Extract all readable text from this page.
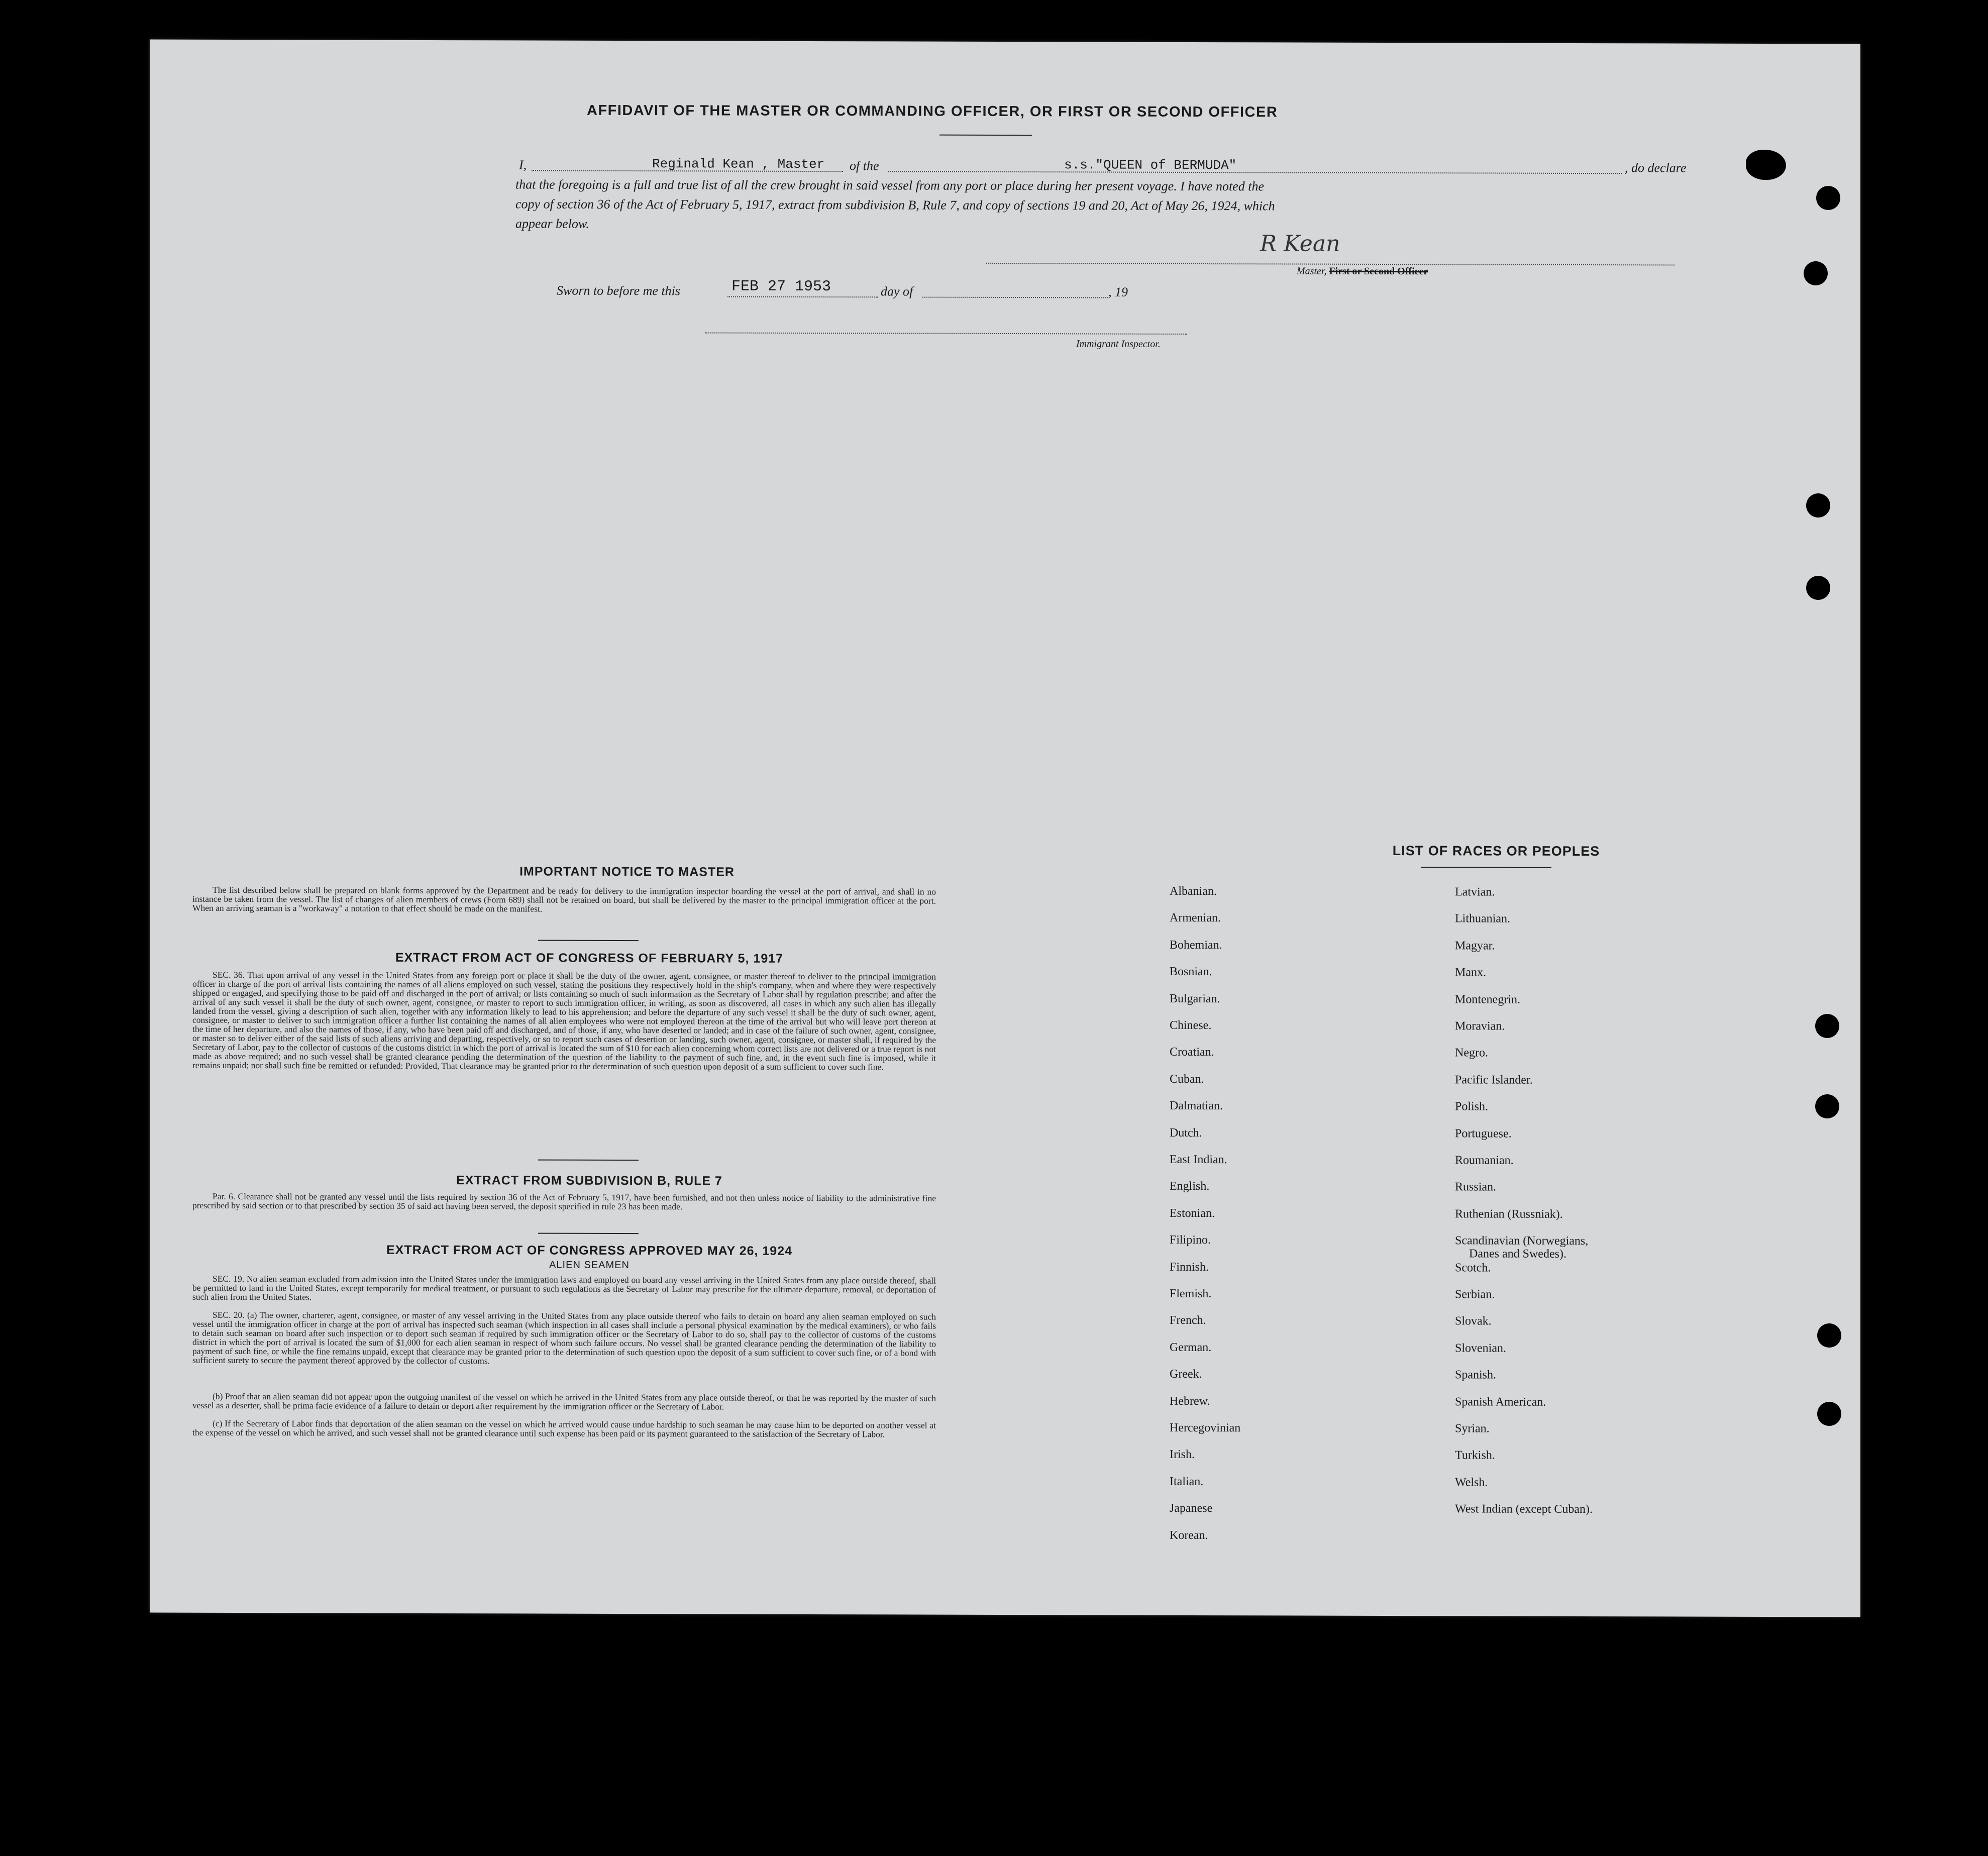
AFFIDAVIT OF THE MASTER OR COMMANDING OFFICER, OR FIRST OR SECOND OFFICER
I,	Reginald Kean , Master of the	s.s."QUEEN of BERMUDA"	, do declare
that the foregoing is a full and true list of all the crew brought in said vessel from any port or place during her present voyage. I have noted the
copy of section 36 of the Act of February 5, 1917, extract from subdivision B, Rule 7, and copy of sections 19 and 20, Act of May 26, 1924, which
appear below.
R Kean
Master, First or Second Officer
Sworn to before me this	FEB 27 1953	day of	, 19
Immigrant Inspector.
IMPORTANT NOTICE TO MASTER
The list described below shall be prepared on blank forms approved by the Department and be ready for delivery to the immigration inspector boarding the vessel at the port of arrival, and shall in no instance be taken from the vessel. The list of changes of alien members of crews (Form 689) shall not be retained on board, but shall be delivered by the master to the principal immigration officer at the port. When an arriving seaman is a "workaway" a notation to that effect should be made on the manifest.
EXTRACT FROM ACT OF CONGRESS OF FEBRUARY 5, 1917
SEC. 36. That upon arrival of any vessel in the United States from any foreign port or place it shall be the duty of the owner, agent, consignee, or master thereof to deliver to the principal immigration officer in charge of the port of arrival lists containing the names of all aliens employed on such vessel, stating the positions they respectively hold in the ship's company, when and where they were respectively shipped or engaged, and specifying those to be paid off and discharged in the port of arrival; or lists containing so much of such information as the Secretary of Labor shall by regulation prescribe; and after the arrival of any such vessel it shall be the duty of such owner, agent, consignee, or master to report to such immigration officer, in writing, as soon as discovered, all cases in which any such alien has illegally landed from the vessel, giving a description of such alien, together with any information likely to lead to his apprehension; and before the departure of any such vessel it shall be the duty of such owner, agent, consignee, or master to deliver to such immigration officer a further list containing the names of all alien employees who were not employed thereon at the time of the arrival but who will leave port thereon at the time of her departure, and also the names of those, if any, who have been paid off and discharged, and of those, if any, who have deserted or landed; and in case of the failure of such owner, agent, consignee, or master so to deliver either of the said lists of such aliens arriving and departing, respectively, or so to report such cases of desertion or landing, such owner, agent, consignee, or master shall, if required by the Secretary of Labor, pay to the collector of customs of the customs district in which the port of arrival is located the sum of $10 for each alien concerning whom correct lists are not delivered or a true report is not made as above required; and no such vessel shall be granted clearance pending the determination of the question of the liability to the payment of such fine, and, in the event such fine is imposed, while it remains unpaid; nor shall such fine be remitted or refunded: Provided, That clearance may be granted prior to the determination of such question upon deposit of a sum sufficient to cover such fine.
EXTRACT FROM SUBDIVISION B, RULE 7
Par. 6. Clearance shall not be granted any vessel until the lists required by section 36 of the Act of February 5, 1917, have been furnished, and not then unless notice of liability to the administrative fine prescribed by said section or to that prescribed by section 35 of said act having been served, the deposit specified in rule 23 has been made.
EXTRACT FROM ACT OF CONGRESS APPROVED MAY 26, 1924
ALIEN SEAMEN
SEC. 19. No alien seaman excluded from admission into the United States under the immigration laws and employed on board any vessel arriving in the United States from any place outside thereof, shall be permitted to land in the United States, except temporarily for medical treatment, or pursuant to such regulations as the Secretary of Labor may prescribe for the ultimate departure, removal, or deportation of such alien from the United States.
SEC. 20. (a) The owner, charterer, agent, consignee, or master of any vessel arriving in the United States from any place outside thereof who fails to detain on board any alien seaman employed on such vessel until the immigration officer in charge at the port of arrival has inspected such seaman (which inspection in all cases shall include a personal physical examination by the medical examiners), or who fails to detain such seaman on board after such inspection or to deport such seaman if required by such immigration officer or the Secretary of Labor to do so, shall pay to the collector of customs of the customs district in which the port of arrival is located the sum of $1,000 for each alien seaman in respect of whom such failure occurs. No vessel shall be granted clearance pending the determination of the liability to payment of such fine, or while the fine remains unpaid, except that clearance may be granted prior to the determination of such question upon the deposit of a sum sufficient to cover such fine, or of a bond with sufficient surety to secure the payment thereof approved by the collector of customs.
(b) Proof that an alien seaman did not appear upon the outgoing manifest of the vessel on which he arrived in the United States from any place outside thereof, or that he was reported by the master of such vessel as a deserter, shall be prima facie evidence of a failure to detain or deport after requirement by the immigration officer or the Secretary of Labor.
(c) If the Secretary of Labor finds that deportation of the alien seaman on the vessel on which he arrived would cause undue hardship to such seaman he may cause him to be deported on another vessel at the expense of the vessel on which he arrived, and such vessel shall not be granted clearance until such expense has been paid or its payment guaranteed to the satisfaction of the Secretary of Labor.
LIST OF RACES OR PEOPLES
Albanian.
Armenian.
Bohemian.
Bosnian.
Bulgarian.
Chinese.
Croatian.
Cuban.
Dalmatian.
Dutch.
East Indian.
English.
Estonian.
Filipino.
Finnish.
Flemish.
French.
German.
Greek.
Hebrew.
Hercegovinian
Irish.
Italian.
Japanese
Korean.
Latvian.
Lithuanian.
Magyar.
Manx.
Montenegrin.
Moravian.
Negro.
Pacific Islander.
Polish.
Portuguese.
Roumanian.
Russian.
Ruthenian (Russniak).
Scandinavian (Norwegians,
Danes and Swedes).
Scotch.
Serbian.
Slovak.
Slovenian.
Spanish.
Spanish American.
Syrian.
Turkish.
Welsh.
West Indian (except Cuban).
